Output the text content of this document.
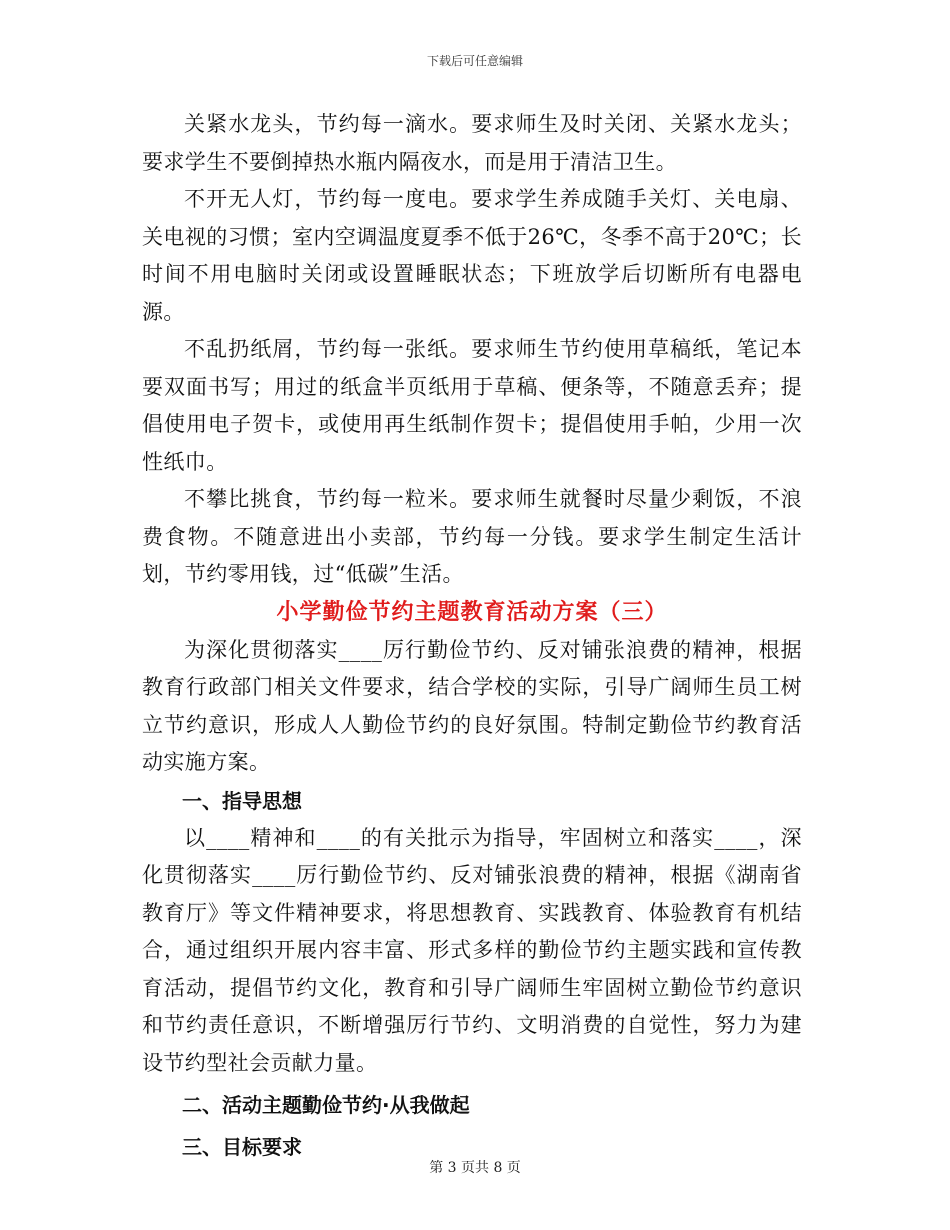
下载后可任意编辑

关紧水龙头，节约每一滴水。要求师生及时关闭、关紧水龙头；要求学生不要倒掉热水瓶内隔夜水，而是用于清洁卫生。

不开无人灯，节约每一度电。要求学生养成随手关灯、关电扇、关电视的习惯；室内空调温度夏季不低于26℃，冬季不高于20℃；长时间不用电脑时关闭或设置睡眠状态；下班放学后切断所有电器电源。

不乱扔纸屑，节约每一张纸。要求师生节约使用草稿纸，笔记本要双面书写；用过的纸盒半页纸用于草稿、便条等，不随意丢弃；提倡使用电子贺卡，或使用再生纸制作贺卡；提倡使用手帕，少用一次性纸巾。

不攀比挑食，节约每一粒米。要求师生就餐时尽量少剩饭，不浪费食物。不随意进出小卖部，节约每一分钱。要求学生制定生活计划，节约零用钱，过“低碳”生活。

小学勤俭节约主题教育活动方案（三）

为深化贯彻落实____厉行勤俭节约、反对铺张浪费的精神，根据教育行政部门相关文件要求，结合学校的实际，引导广阔师生员工树立节约意识，形成人人勤俭节约的良好氛围。特制定勤俭节约教育活动实施方案。

一、指导思想

以____精神和____的有关批示为指导，牢固树立和落实____，深化贯彻落实____厉行勤俭节约、反对铺张浪费的精神，根据《湖南省教育厅》等文件精神要求，将思想教育、实践教育、体验教育有机结合，通过组织开展内容丰富、形式多样的勤俭节约主题实践和宣传教育活动，提倡节约文化，教育和引导广阔师生牢固树立勤俭节约意识和节约责任意识，不断增强厉行节约、文明消费的自觉性，努力为建设节约型社会贡献力量。

二、活动主题勤俭节约·从我做起
三、目标要求
第 3 页共 8 页
